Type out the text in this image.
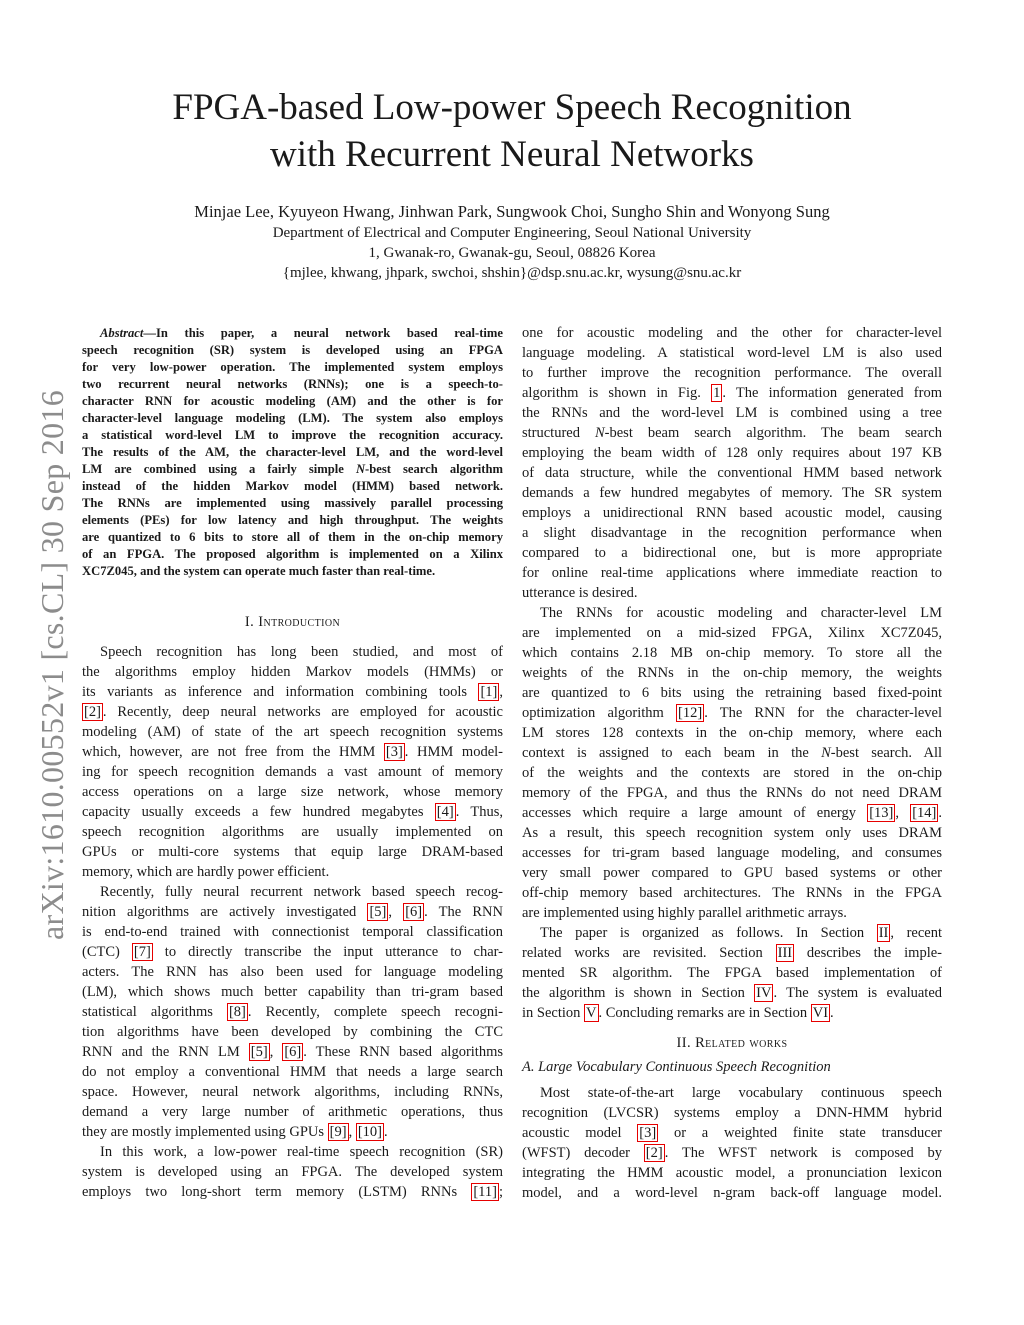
FPGA-based Low-power Speech Recognition
with Recurrent Neural Networks
Minjae Lee, Kyuyeon Hwang, Jinhwan Park, Sungwook Choi, Sungho Shin and Wonyong Sung
Department of Electrical and Computer Engineering, Seoul National University
1, Gwanak-ro, Gwanak-gu, Seoul, 08826 Korea
{mjlee, khwang, jhpark, swchoi, shshin}@dsp.snu.ac.kr, wysung@snu.ac.kr
arXiv:1610.00552v1 [cs.CL] 30 Sep 2016
Abstract—In this paper, a neural network based real-time
speech recognition (SR) system is developed using an FPGA
for very low-power operation. The implemented system employs
two recurrent neural networks (RNNs); one is a speech-to-
character RNN for acoustic modeling (AM) and the other is for
character-level language modeling (LM). The system also employs
a statistical word-level LM to improve the recognition accuracy.
The results of the AM, the character-level LM, and the word-level
LM are combined using a fairly simple N-best search algorithm
instead of the hidden Markov model (HMM) based network.
The RNNs are implemented using massively parallel processing
elements (PEs) for low latency and high throughput. The weights
are quantized to 6 bits to store all of them in the on-chip memory
of an FPGA. The proposed algorithm is implemented on a Xilinx
XC7Z045, and the system can operate much faster than real-time.
I. Introduction
Speech recognition has long been studied, and most of
the algorithms employ hidden Markov models (HMMs) or
its variants as inference and information combining tools [1] ,
[2] . Recently, deep neural networks are employed for acoustic
modeling (AM) of state of the art speech recognition systems
which, however, are not free from the HMM [3] . HMM model-
ing for speech recognition demands a vast amount of memory
access operations on a large size network, whose memory
capacity usually exceeds a few hundred megabytes [4] . Thus,
speech recognition algorithms are usually implemented on
GPUs or multi-core systems that equip large DRAM-based
memory, which are hardly power efficient.
Recently, fully neural recurrent network based speech recog-
nition algorithms are actively investigated [5] , [6] . The RNN
is end-to-end trained with connectionist temporal classification
(CTC) [7] to directly transcribe the input utterance to char-
acters. The RNN has also been used for language modeling
(LM), which shows much better capability than tri-gram based
statistical algorithms [8] . Recently, complete speech recogni-
tion algorithms have been developed by combining the CTC
RNN and the RNN LM [5] , [6] . These RNN based algorithms
do not employ a conventional HMM that needs a large search
space. However, neural network algorithms, including RNNs,
demand a very large number of arithmetic operations, thus
they are mostly implemented using GPUs [9] , [10] .
In this work, a low-power real-time speech recognition (SR)
system is developed using an FPGA. The developed system
employs two long-short term memory (LSTM) RNNs [11] ;
one for acoustic modeling and the other for character-level
language modeling. A statistical word-level LM is also used
to further improve the recognition performance. The overall
algorithm is shown in Fig. 1 . The information generated from
the RNNs and the word-level LM is combined using a tree
structured N-best beam search algorithm. The beam search
employing the beam width of 128 only requires about 197 KB
of data structure, while the conventional HMM based network
demands a few hundred megabytes of memory. The SR system
employs a unidirectional RNN based acoustic model, causing
a slight disadvantage in the recognition performance when
compared to a bidirectional one, but is more appropriate
for online real-time applications where immediate reaction to
utterance is desired.
The RNNs for acoustic modeling and character-level LM
are implemented on a mid-sized FPGA, Xilinx XC7Z045,
which contains 2.18 MB on-chip memory. To store all the
weights of the RNNs in the on-chip memory, the weights
are quantized to 6 bits using the retraining based fixed-point
optimization algorithm [12] . The RNN for the character-level
LM stores 128 contexts in the on-chip memory, where each
context is assigned to each beam in the N-best search. All
of the weights and the contexts are stored in the on-chip
memory of the FPGA, and thus the RNNs do not need DRAM
accesses which require a large amount of energy [13] , [14] .
As a result, this speech recognition system only uses DRAM
accesses for tri-gram based language modeling, and consumes
very small power compared to GPU based systems or other
off-chip memory based architectures. The RNNs in the FPGA
are implemented using highly parallel arithmetic arrays.
The paper is organized as follows. In Section II , recent
related works are revisited. Section III describes the imple-
mented SR algorithm. The FPGA based implementation of
the algorithm is shown in Section IV . The system is evaluated
in Section V . Concluding remarks are in Section VI .
II. Related works
A. Large Vocabulary Continuous Speech Recognition
Most state-of-the-art large vocabulary continuous speech
recognition (LVCSR) systems employ a DNN-HMM hybrid
acoustic model [3] or a weighted finite state transducer
(WFST) decoder [2] . The WFST network is composed by
integrating the HMM acoustic model, a pronunciation lexicon
model, and a word-level n-gram back-off language model.
